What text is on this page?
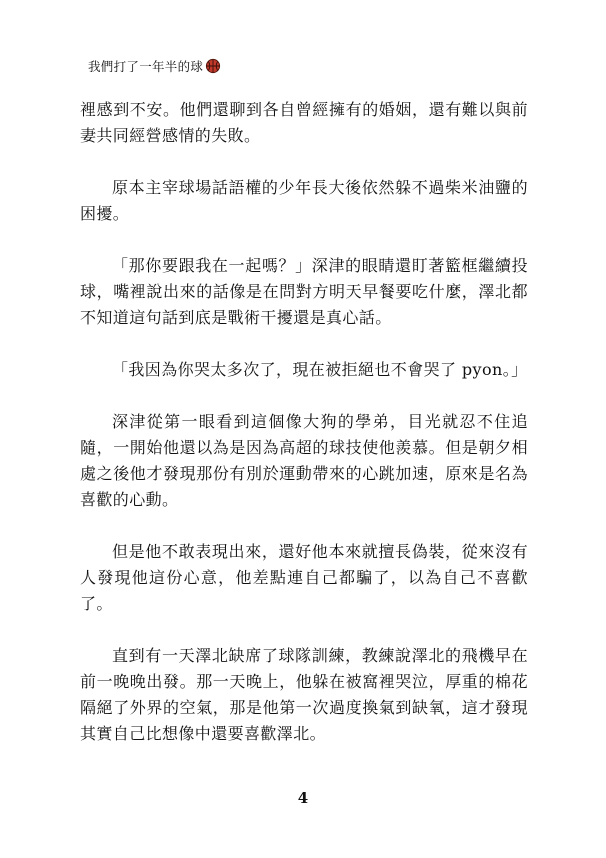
我們打了一年半的球

裡感到不安。他們還聊到各自曾經擁有的婚姻，還有難以與前妻共同經營感情的失敗。

原本主宰球場話語權的少年長大後依然躲不過柴米油鹽的困擾。

「那你要跟我在一起嗎？」深津的眼睛還盯著籃框繼續投球，嘴裡說出來的話像是在問對方明天早餐要吃什麼，澤北都不知道這句話到底是戰術干擾還是真心話。

「我因為你哭太多次了，現在被拒絕也不會哭了 pyon。」

深津從第一眼看到這個像大狗的學弟，目光就忍不住追隨，一開始他還以為是因為高超的球技使他羨慕。但是朝夕相處之後他才發現那份有別於運動帶來的心跳加速，原來是名為喜歡的心動。

但是他不敢表現出來，還好他本來就擅長偽裝，從來沒有人發現他這份心意，他差點連自己都騙了，以為自己不喜歡了。

直到有一天澤北缺席了球隊訓練，教練說澤北的飛機早在前一晚晚出發。那一天晚上，他躲在被窩裡哭泣，厚重的棉花隔絕了外界的空氣，那是他第一次過度換氣到缺氧，這才發現其實自己比想像中還要喜歡澤北。

4
